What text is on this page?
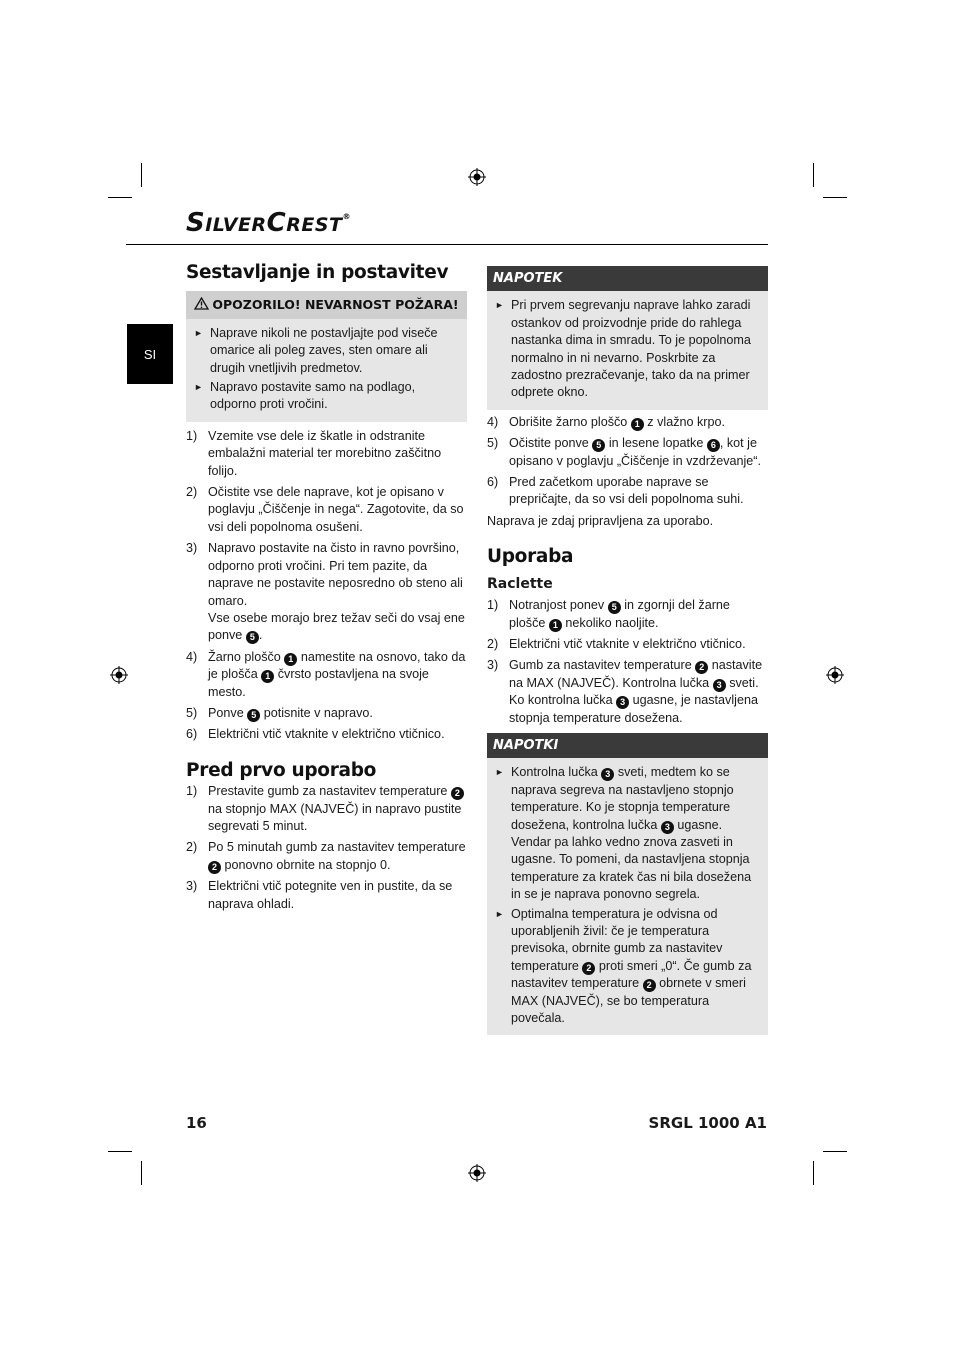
SILVERCREST®
SI
Sestavljanje in postavitev
OPOZORILO! NEVARNOST POŽARA!
► Naprave nikoli ne postavljajte pod viseče omarice ali poleg zaves, sten omare ali drugih vnetljivih predmetov.
► Napravo postavite samo na podlago, odporno proti vročini.
1) Vzemite vse dele iz škatle in odstranite embalažni material ter morebitno zaščitno folijo.
2) Očistite vse dele naprave, kot je opisano v poglavju „Čiščenje in nega“. Zagotovite, da so vsi deli popolnoma osušeni.
3) Napravo postavite na čisto in ravno površino, odporno proti vročini. Pri tem pazite, da naprave ne postavite neposredno ob steno ali omaro.
Vse osebe morajo brez težav seči do vsaj ene ponve 5 .
4) Žarno ploščo 1 namestite na osnovo, tako da je plošča 1 čvrsto postavljena na svoje mesto.
5) Ponve 5 potisnite v napravo.
6) Električni vtič vtaknite v električno vtičnico.
Pred prvo uporabo
1) Prestavite gumb za nastavitev temperature 2 na stopnjo MAX (NAJVEČ) in napravo pustite segrevati 5 minut.
2) Po 5 minutah gumb za nastavitev temperature 2 ponovno obrnite na stopnjo 0.
3) Električni vtič potegnite ven in pustite, da se naprava ohladi.
NAPOTEK
► Pri prvem segrevanju naprave lahko zaradi ostankov od proizvodnje pride do rahlega nastanka dima in smradu. To je popolnoma normalno in ni nevarno. Poskrbite za zadostno prezračevanje, tako da na primer odprete okno.
4) Obrišite žarno ploščo 1 z vlažno krpo.
5) Očistite ponve 5 in lesene lopatke 6 , kot je opisano v poglavju „Čiščenje in vzdrževanje“.
6) Pred začetkom uporabe naprave se prepričajte, da so vsi deli popolnoma suhi.

Naprava je zdaj pripravljena za uporabo.

Uporaba
Raclette
1) Notranjost ponev 5 in zgornji del žarne plošče 1 nekoliko naoljite.
2) Električni vtič vtaknite v električno vtičnico.
3) Gumb za nastavitev temperature 2 nastavite na MAX (NAJVEČ). Kontrolna lučka 3 sveti. Ko kontrolna lučka 3 ugasne, je nastavljena stopnja temperature dosežena.
NAPOTKI
► Kontrolna lučka 3 sveti, medtem ko se naprava segreva na nastavljeno stopnjo temperature. Ko je stopnja temperature dosežena, kontrolna lučka 3 ugasne. Vendar pa lahko vedno znova zasveti in ugasne. To pomeni, da nastavljena stopnja temperature za kratek čas ni bila dosežena in se je naprava ponovno segrela.
► Optimalna temperatura je odvisna od uporabljenih živil: če je temperatura previsoka, obrnite gumb za nastavitev temperature 2 proti smeri „0“. Če gumb za nastavitev temperature 2 obrnete v smeri MAX (NAJVEČ), se bo temperatura povečala.
16	SRGL 1000 A1
